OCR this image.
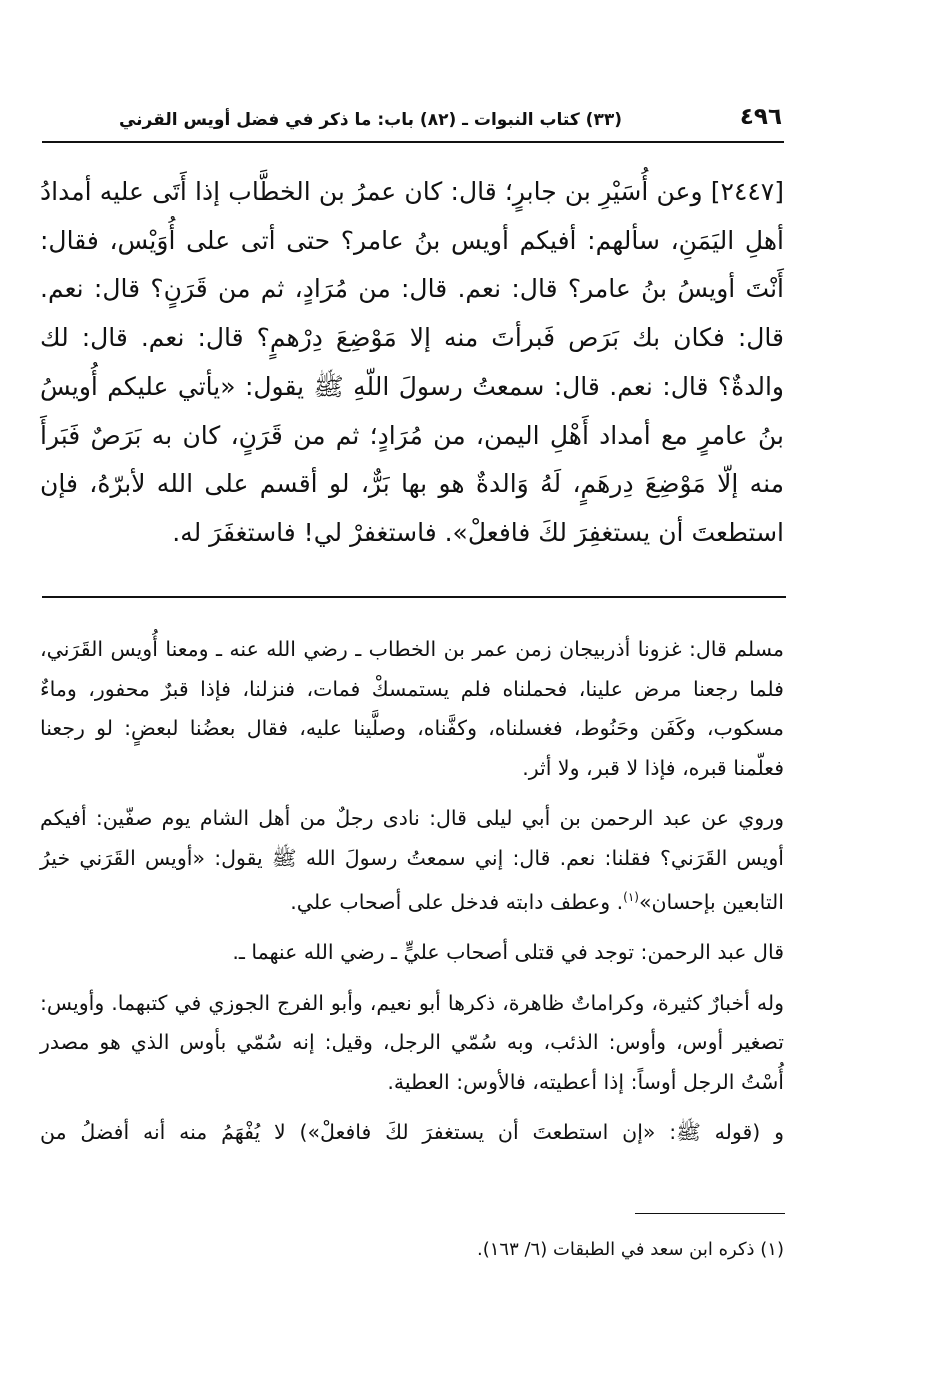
٤٩٦
(٣٣) كتاب النبوات ـ (٨٢) باب: ما ذكر في فضل أويس القرني
[٢٤٤٧] وعن أُسَيْرِ بن جابرٍ؛ قال: كان عمرُ بن الخطَّاب إذا أَتَى عليه أمدادُ أهلِ اليَمَنِ، سألهم: أفيكم أويس بنُ عامر؟ حتى أتى على أُوَيْس، فقال: أَنْتَ أويسُ بنُ عامر؟ قال: نعم. قال: من مُرَادٍ، ثم من قَرَنٍ؟ قال: نعم. قال: فكان بك بَرَص فَبرأتَ منه إلا مَوْضِعَ دِرْهمٍ؟ قال: نعم. قال: لك والدةٌ؟ قال: نعم. قال: سمعتُ رسولَ اللّهِ ﷺ يقول: «يأتي عليكم أُويسُ بنُ عامرٍ مع أمداد أَهْلِ اليمن، من مُرَادٍ؛ ثم من قَرَنٍ، كان به بَرَصٌ فَبَرأَ منه إلّا مَوْضِعَ دِرهَمٍ، لَهُ وَالدةٌ هو بها بَرٌّ، لو أقسم على الله لأبرّهُ، فإن استطعتَ أن يستغفِرَ لكَ فافعلْ». فاستغفرْ لي! فاستغفَرَ له.

مسلم قال: غزونا أذربيجان زمن عمر بن الخطاب ـ رضي الله عنه ـ ومعنا أُويس القَرَني، فلما رجعنا مرض علينا، فحملناه فلم يستمسكْ فمات، فنزلنا، فإذا قبرٌ محفور، وماءٌ مسكوب، وكَفَن وحَنُوط، فغسلناه، وكفَّناه، وصلَّينا عليه، فقال بعضُنا لبعضٍ: لو رجعنا فعلّمنا قبره، فإذا لا قبر، ولا أثر.

وروي عن عبد الرحمن بن أبي ليلى قال: نادى رجلٌ من أهل الشام يوم صفّين: أفيكم أويس القَرَني؟ فقلنا: نعم. قال: إني سمعتُ رسولَ الله ﷺ يقول: «أويس القَرَني خيرُ التابعين بإحسان»$^{(١)}$. وعطف دابته فدخل على أصحاب علي.

قال عبد الرحمن: توجد في قتلى أصحاب عليٍّ ـ رضي الله عنهما ـ.

وله أخبارٌ كثيرة، وكراماتٌ ظاهرة، ذكرها أبو نعيم، وأبو الفرج الجوزي في كتبهما. وأويس: تصغير أوس، وأوس: الذئب، وبه سُمّي الرجل، وقيل: إنه سُمّي بأوس الذي هو مصدر أُسْتُ الرجل أوساً: إذا أعطيته، فالأوس: العطية.

و (قوله ﷺ: «إن استطعتَ أن يستغفرَ لكَ فافعلْ») لا يُفْهَمُ منه أنه أفضلُ من

(١) ذكره ابن سعد في الطبقات (٦/ ١٦٣).
